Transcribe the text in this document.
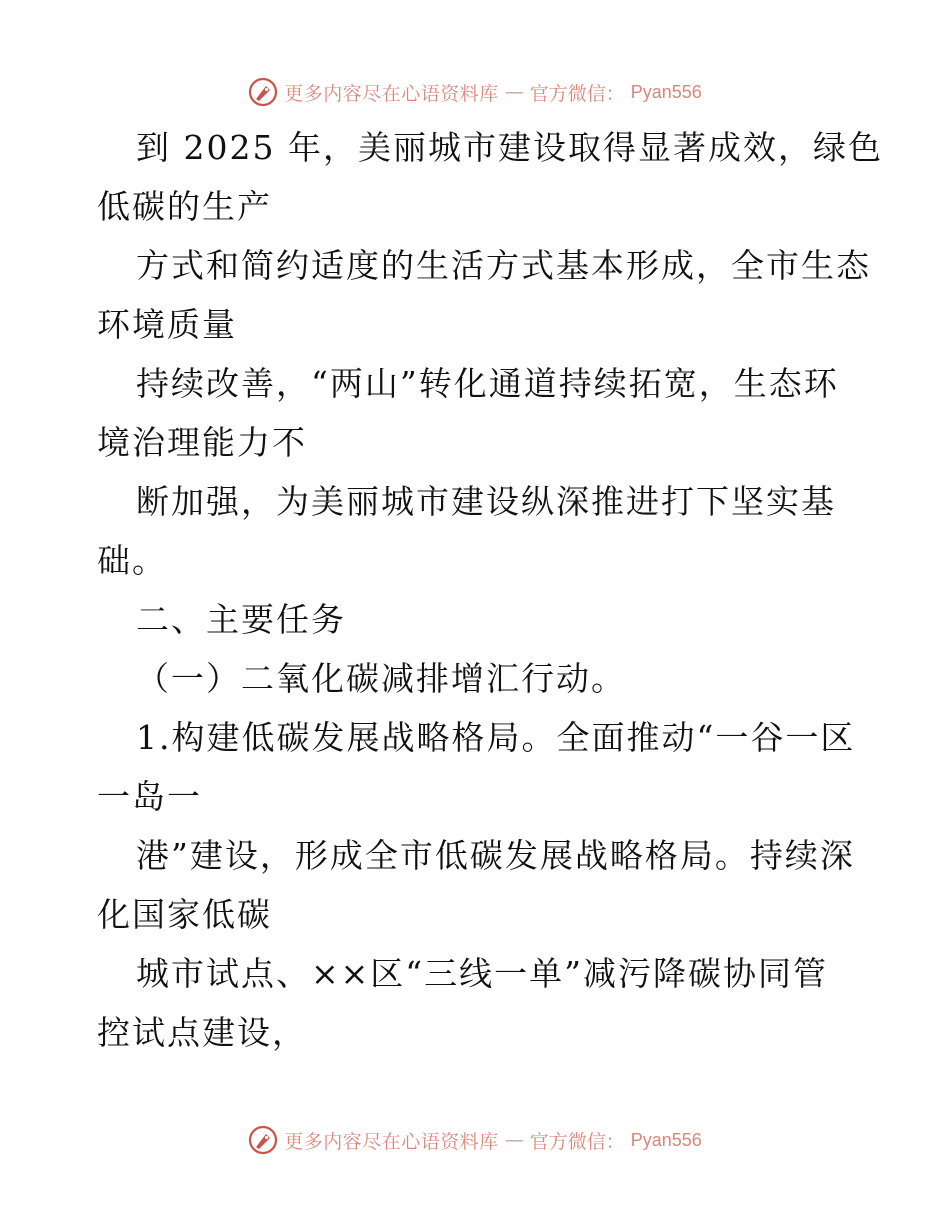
更多内容尽在心语资料库 — 官方微信： Pyan556
到 2025 年，美丽城市建设取得显著成效，绿色
低碳的生产
方式和简约适度的生活方式基本形成，全市生态
环境质量
持续改善，“两山”转化通道持续拓宽，生态环
境治理能力不
断加强，为美丽城市建设纵深推进打下坚实基
础。
二、主要任务
（一）二氧化碳减排增汇行动。
1.构建低碳发展战略格局。全面推动“一谷一区
一岛一
港”建设，形成全市低碳发展战略格局。持续深
化国家低碳
城市试点、××区“三线一单”减污降碳协同管
控试点建设，
更多内容尽在心语资料库 — 官方微信： Pyan556
